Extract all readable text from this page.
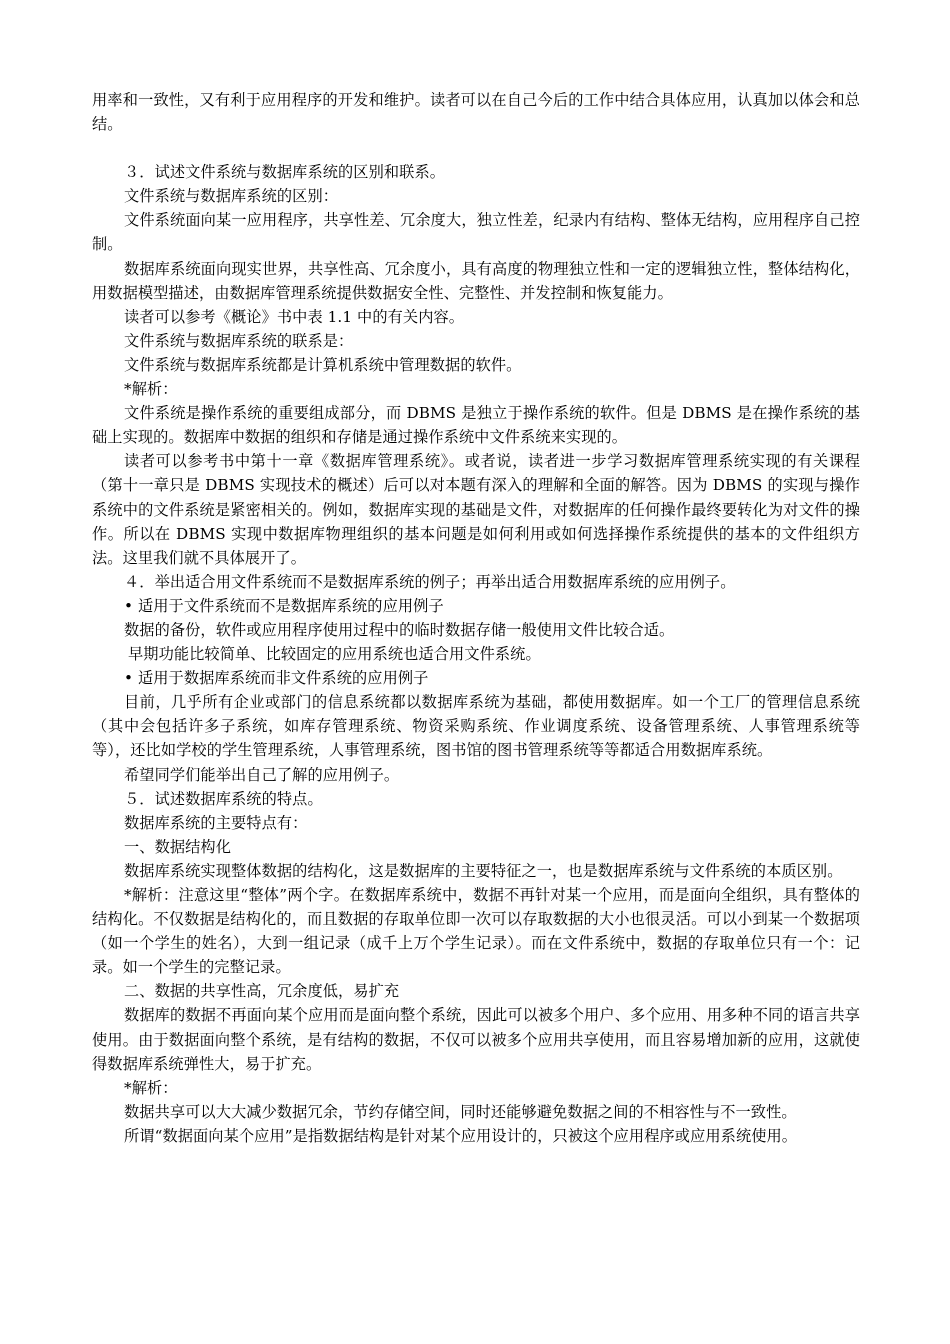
用率和一致性，又有利于应用程序的开发和维护。读者可以在自己今后的工作中结合具体应用，认真加以体会和总结。

３．试述文件系统与数据库系统的区别和联系。

文件系统与数据库系统的区别：

文件系统面向某一应用程序，共享性差、冗余度大，独立性差，纪录内有结构、整体无结构，应用程序自己控制。

数据库系统面向现实世界，共享性高、冗余度小，具有高度的物理独立性和一定的逻辑独立性，整体结构化，用数据模型描述，由数据库管理系统提供数据安全性、完整性、并发控制和恢复能力。

读者可以参考《概论》书中表 1.1 中的有关内容。

文件系统与数据库系统的联系是：

文件系统与数据库系统都是计算机系统中管理数据的软件。

*解析：

文件系统是操作系统的重要组成部分，而 DBMS 是独立于操作系统的软件。但是 DBMS 是在操作系统的基础上实现的。数据库中数据的组织和存储是通过操作系统中文件系统来实现的。

读者可以参考书中第十一章《数据库管理系统》。或者说，读者进一步学习数据库管理系统实现的有关课程（第十一章只是 DBMS 实现技术的概述）后可以对本题有深入的理解和全面的解答。因为 DBMS 的实现与操作系统中的文件系统是紧密相关的。例如，数据库实现的基础是文件，对数据库的任何操作最终要转化为对文件的操作。所以在 DBMS 实现中数据库物理组织的基本问题是如何利用或如何选择操作系统提供的基本的文件组织方法。这里我们就不具体展开了。

４．举出适合用文件系统而不是数据库系统的例子；再举出适合用数据库系统的应用例子。

• 适用于文件系统而不是数据库系统的应用例子

数据的备份，软件或应用程序使用过程中的临时数据存储一般使用文件比较合适。

早期功能比较简单、比较固定的应用系统也适合用文件系统。

• 适用于数据库系统而非文件系统的应用例子

目前，几乎所有企业或部门的信息系统都以数据库系统为基础，都使用数据库。如一个工厂的管理信息系统（其中会包括许多子系统，如库存管理系统、物资采购系统、作业调度系统、设备管理系统、人事管理系统等等），还比如学校的学生管理系统，人事管理系统，图书馆的图书管理系统等等都适合用数据库系统。

希望同学们能举出自己了解的应用例子。

５．试述数据库系统的特点。

数据库系统的主要特点有：

一、数据结构化

数据库系统实现整体数据的结构化，这是数据库的主要特征之一，也是数据库系统与文件系统的本质区别。

*解析：注意这里“整体”两个字。在数据库系统中，数据不再针对某一个应用，而是面向全组织，具有整体的结构化。不仅数据是结构化的，而且数据的存取单位即一次可以存取数据的大小也很灵活。可以小到某一个数据项（如一个学生的姓名），大到一组记录（成千上万个学生记录）。而在文件系统中，数据的存取单位只有一个：记录。如一个学生的完整记录。

二、数据的共享性高，冗余度低，易扩充

数据库的数据不再面向某个应用而是面向整个系统，因此可以被多个用户、多个应用、用多种不同的语言共享使用。由于数据面向整个系统，是有结构的数据，不仅可以被多个应用共享使用，而且容易增加新的应用，这就使得数据库系统弹性大，易于扩充。

*解析：

数据共享可以大大减少数据冗余，节约存储空间，同时还能够避免数据之间的不相容性与不一致性。

所谓“数据面向某个应用”是指数据结构是针对某个应用设计的，只被这个应用程序或应用系统使用。
